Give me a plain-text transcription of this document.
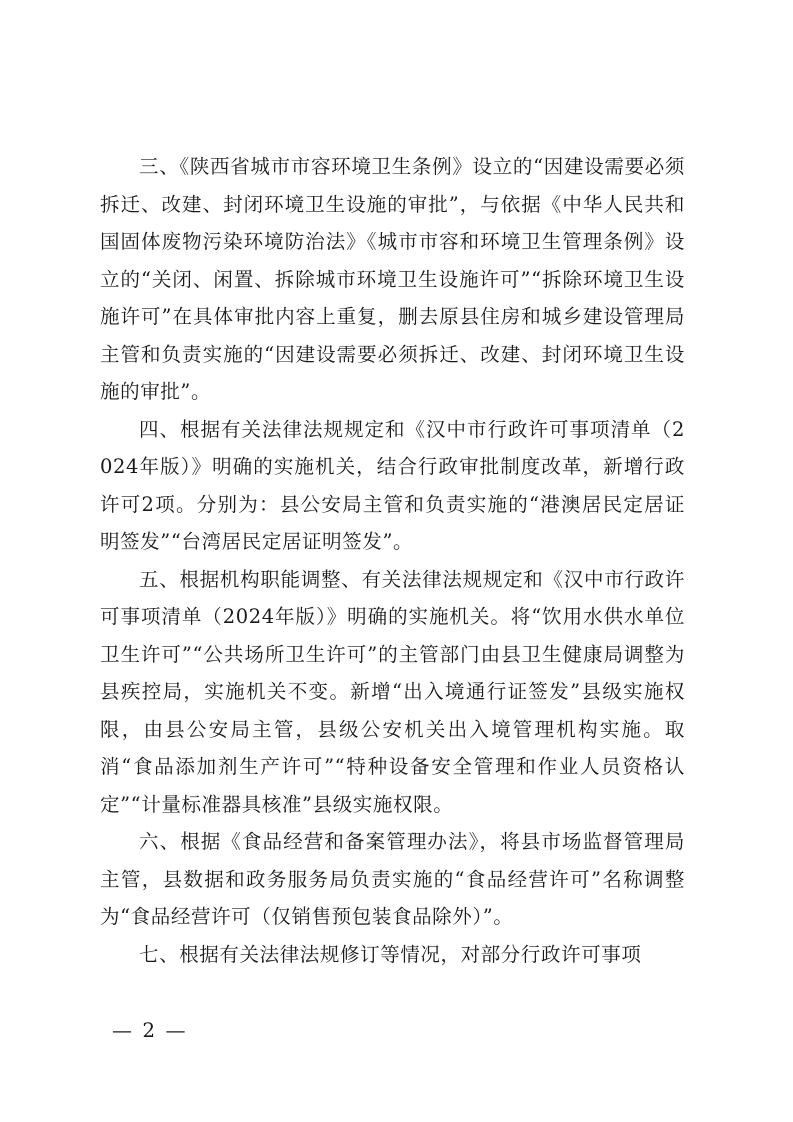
三、《陕西省城市市容环境卫生条例》设立的“因建设需要必须拆迁、改建、封闭环境卫生设施的审批”，与依据《中华人民共和国固体废物污染环境防治法》《城市市容和环境卫生管理条例》设立的“关闭、闲置、拆除城市环境卫生设施许可”“拆除环境卫生设施许可”在具体审批内容上重复，删去原县住房和城乡建设管理局主管和负责实施的“因建设需要必须拆迁、改建、封闭环境卫生设施的审批”。

四、根据有关法律法规规定和《汉中市行政许可事项清单（2024年版）》明确的实施机关，结合行政审批制度改革，新增行政许可2项。分别为：县公安局主管和负责实施的“港澳居民定居证明签发”“台湾居民定居证明签发”。

五、根据机构职能调整、有关法律法规规定和《汉中市行政许可事项清单（2024年版）》明确的实施机关。将“饮用水供水单位卫生许可”“公共场所卫生许可”的主管部门由县卫生健康局调整为县疾控局，实施机关不变。新增“出入境通行证签发”县级实施权限，由县公安局主管，县级公安机关出入境管理机构实施。取消“食品添加剂生产许可”“特种设备安全管理和作业人员资格认定”“计量标准器具核准”县级实施权限。

六、根据《食品经营和备案管理办法》，将县市场监督管理局主管，县数据和政务服务局负责实施的“食品经营许可”名称调整为“食品经营许可（仅销售预包装食品除外）”。

七、根据有关法律法规修订等情况，对部分行政许可事项

— 2 —
